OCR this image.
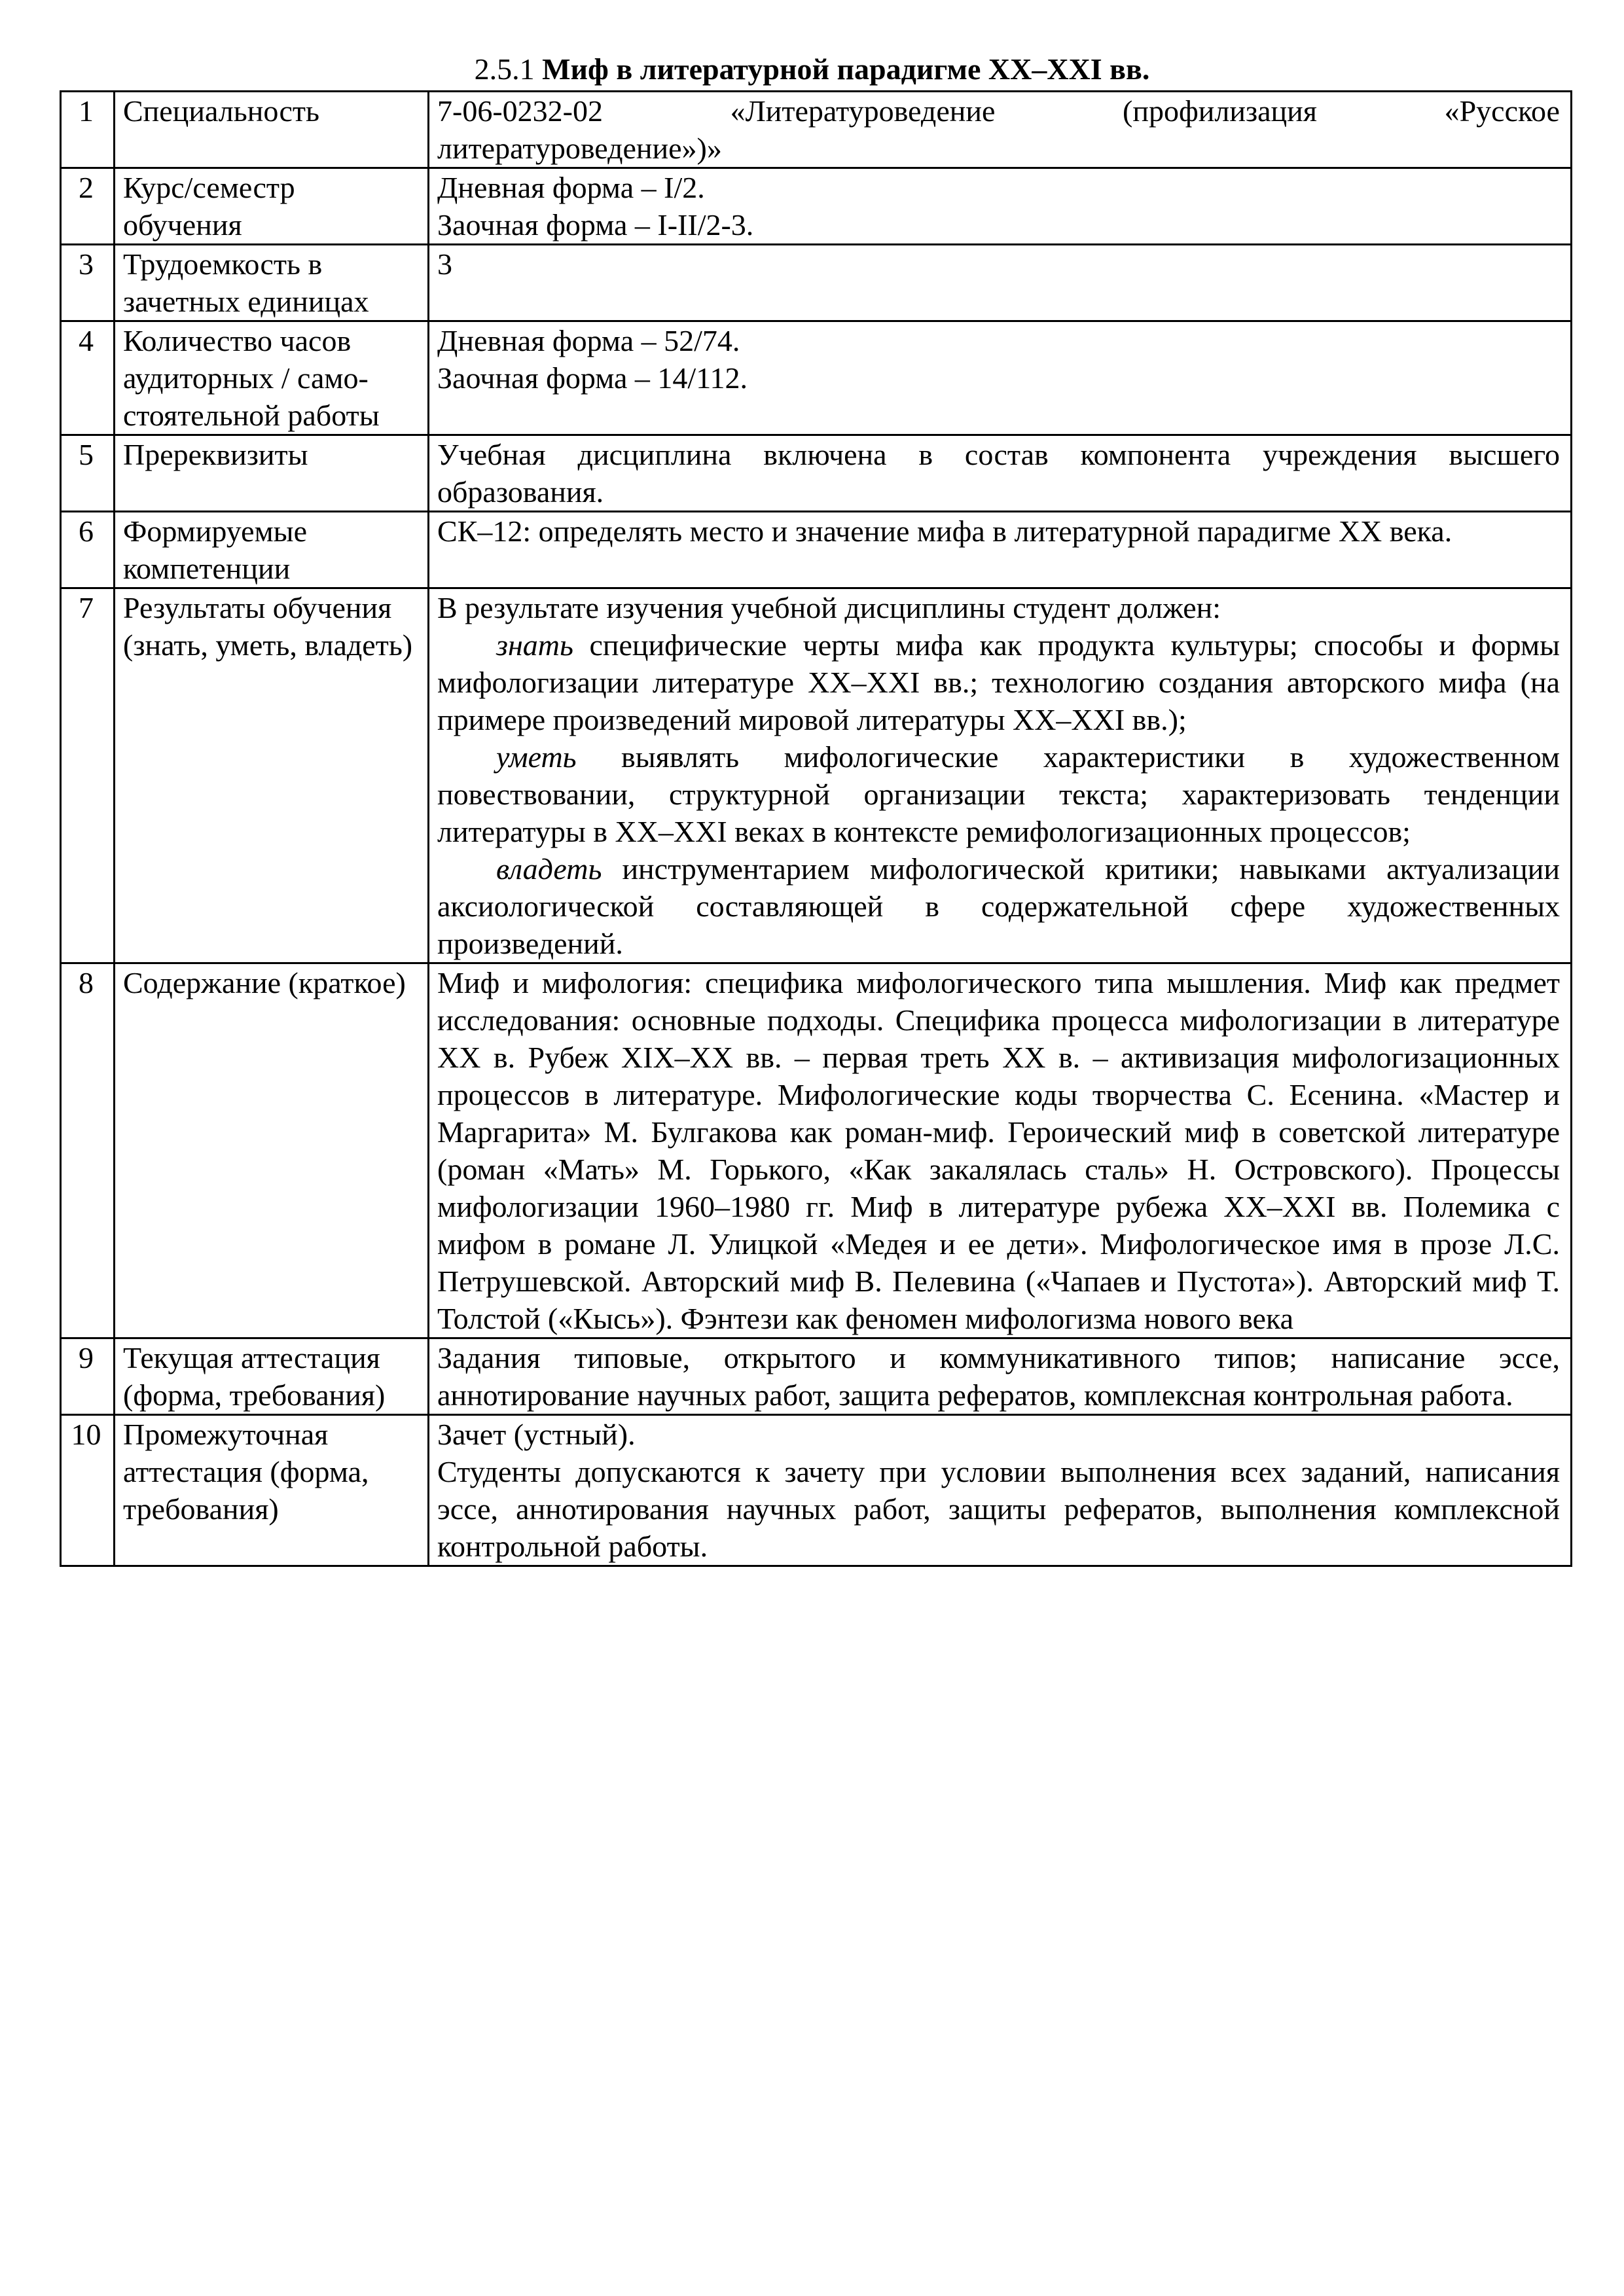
2.5.1 Миф в литературной парадигме XX–XXI вв.
1	Специальность	7-06-0232-02 «Литературоведение (профилизация «Русское
литературоведение»)»

2	Курс/семестр обучения	Дневная форма – I/2.
Заочная форма – I-II/2-3.

3	Трудоемкость в зачетных единицах	3

4	Количество часов аудиторных / само-стоятельной работы	Дневная форма – 52/74.
Заочная форма – 14/112.

5	Пререквизиты	Учебная дисциплина включена в состав компонента учреждения высшего образования.
6	Формируемые компетенции	СК–12: определять место и значение мифа в литературной парадигме XX века.
7	Результаты обучения (знать, уметь, владеть)	В результате изучения учебной дисциплины студент должен:

знать специфические черты мифа как продукта культуры; способы и формы мифологизации литературе XX–XXI вв.; технологию создания авторского мифа (на примере произведений мировой литературы XX–XXI вв.);

уметь выявлять мифологические характеристики в художественном повествовании, структурной организации текста; характеризовать тенденции литературы в XX–XXI веках в контексте ремифологизационных процессов;

владеть инструментарием мифологической критики; навыками актуализации аксиологической составляющей в содержательной сфере художественных произведений.

8	Содержание (краткое)	Миф и мифология: специфика мифологического типа мышления. Миф как предмет исследования: основные подходы. Специфика процесса мифологизации в литературе XX в. Рубеж XIX–XX вв. – первая треть XX в. – активизация мифологизационных процессов в литературе. Мифологические коды творчества С. Есенина. «Мастер и Маргарита» М. Булгакова как роман-миф. Героический миф в советской литературе (роман «Мать» М. Горького, «Как закалялась сталь» Н. Островского). Процессы мифологизации 1960–1980 гг. Миф в литературе рубежа XX–XXI вв. Полемика с мифом в романе Л. Улицкой «Медея и ее дети». Мифологическое имя в прозе Л.С. Петрушевской. Авторский миф В. Пелевина («Чапаев и Пустота»). Авторский миф Т. Толстой («Кысь»). Фэнтези как феномен мифологизма нового века
9	Текущая аттестация (форма, требования)	Задания типовые, открытого и коммуникативного типов; написание эссе, аннотирование научных работ, защита рефератов, комплексная контрольная работа.
10	Промежуточная аттестация (форма, требования)	Зачет (устный).

Студенты допускаются к зачету при условии выполнения всех заданий, написания эссе, аннотирования научных работ, защиты рефератов, выполнения комплексной контрольной работы.
